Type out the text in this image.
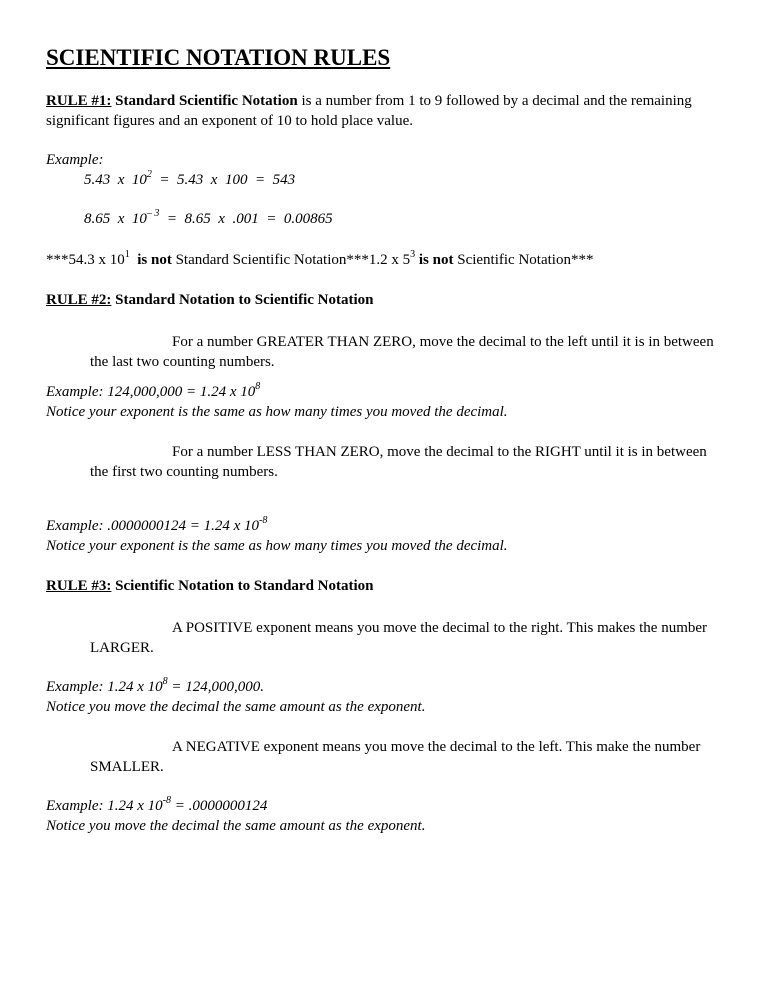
SCIENTIFIC NOTATION RULES
RULE #1: Standard Scientific Notation is a number from 1 to 9 followed by a decimal and the remaining significant figures and an exponent of 10 to hold place value.
Example:
5.43  x  $10^2 = 5.43$  x  100  =  543
8.65  x  $10^{- 3} = 8.65$  x  .001  =  0.00865
***54.3 x $10^1$ is not Standard Scientific Notation***1.2 x $5^3$ is not Scientific Notation***
RULE #2: Standard Notation to Scientific Notation
For a number GREATER THAN ZERO, move the decimal to the left until it is in between the last two counting numbers.
Example: 124,000,000 = 1.24 x $10^8$
Notice your exponent is the same as how many times you moved the decimal.
For a number LESS THAN ZERO, move the decimal to the RIGHT until it is in between the first two counting numbers.
Example: .0000000124 = 1.24 x $10^{-8}$
Notice your exponent is the same as how many times you moved the decimal.
RULE #3: Scientific Notation to Standard Notation
A POSITIVE exponent means you move the decimal to the right. This makes the number LARGER.
Example: 1.24 x $10^8 = 124,000,000$.
Notice you move the decimal the same amount as the exponent.
A NEGATIVE exponent means you move the decimal to the left. This make the number SMALLER.
Example: 1.24 x $10^{-8} = .0000000124$
Notice you move the decimal the same amount as the exponent.
